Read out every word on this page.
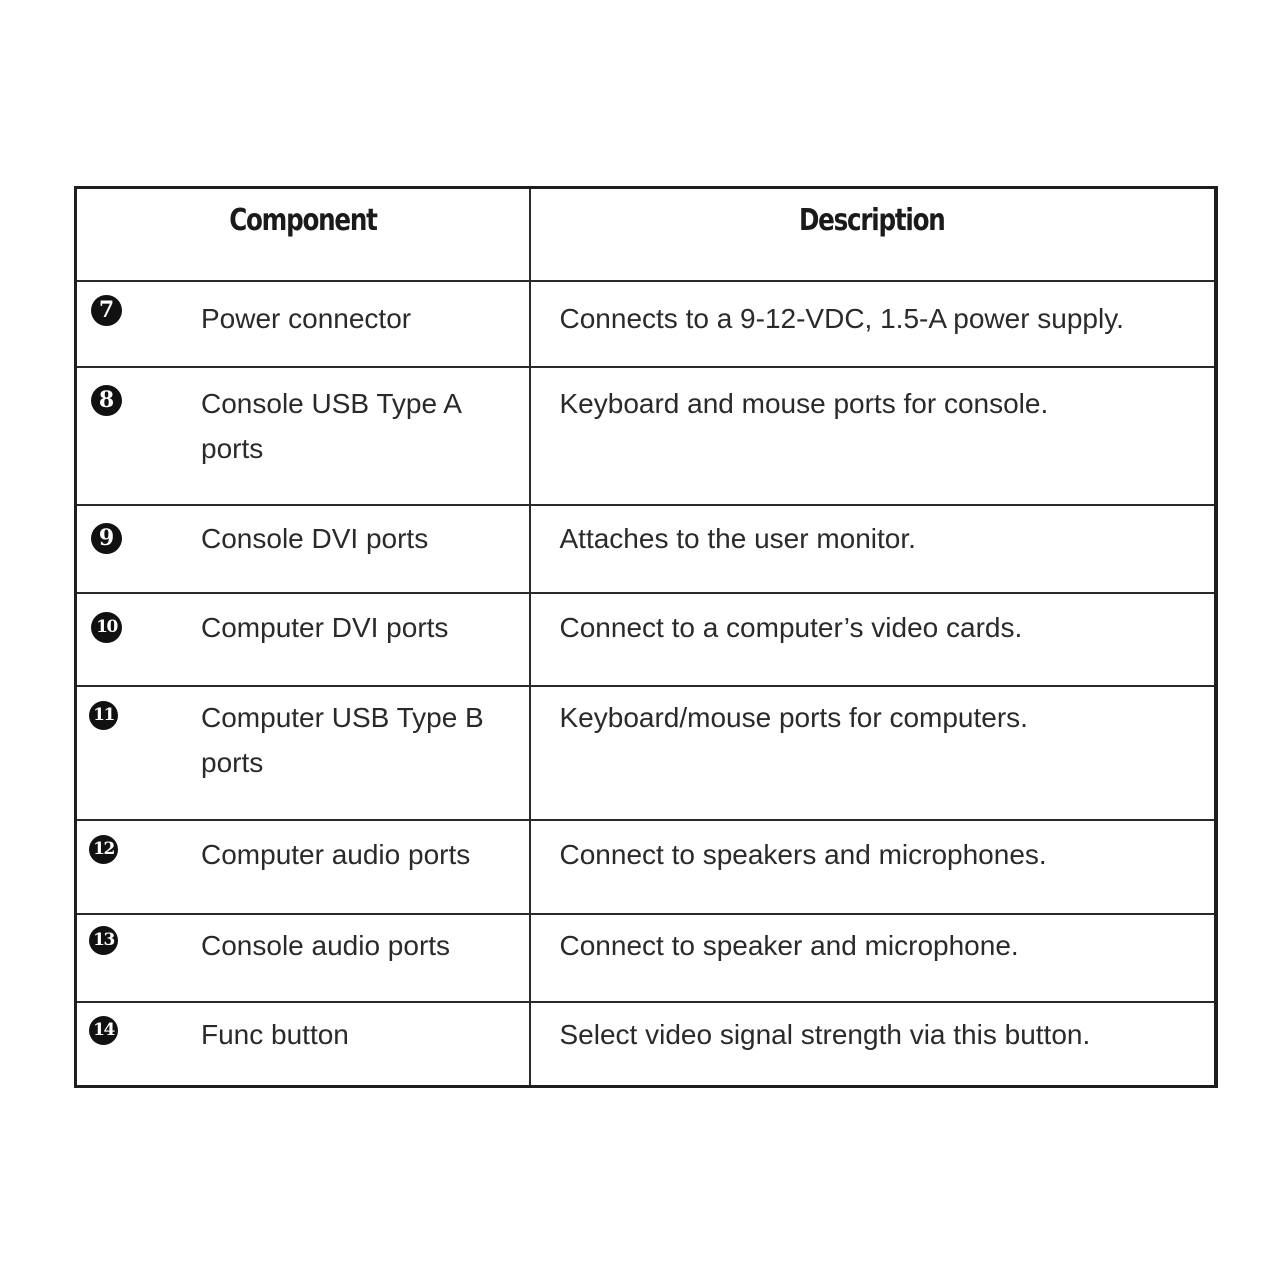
Component	Description

7 Power connector	Connects to a 9-12-VDC, 1.5-A power supply.

8 Console USB Type A ports	Keyboard and mouse ports for console.

9 Console DVI ports	Attaches to the user monitor.

10 Computer DVI ports	Connect to a computer’s video cards.

11 Computer USB Type B ports	Keyboard/mouse ports for computers.

12 Computer audio ports	Connect to speakers and microphones.

13 Console audio ports	Connect to speaker and microphone.

14 Func button	Select video signal strength via this button.
